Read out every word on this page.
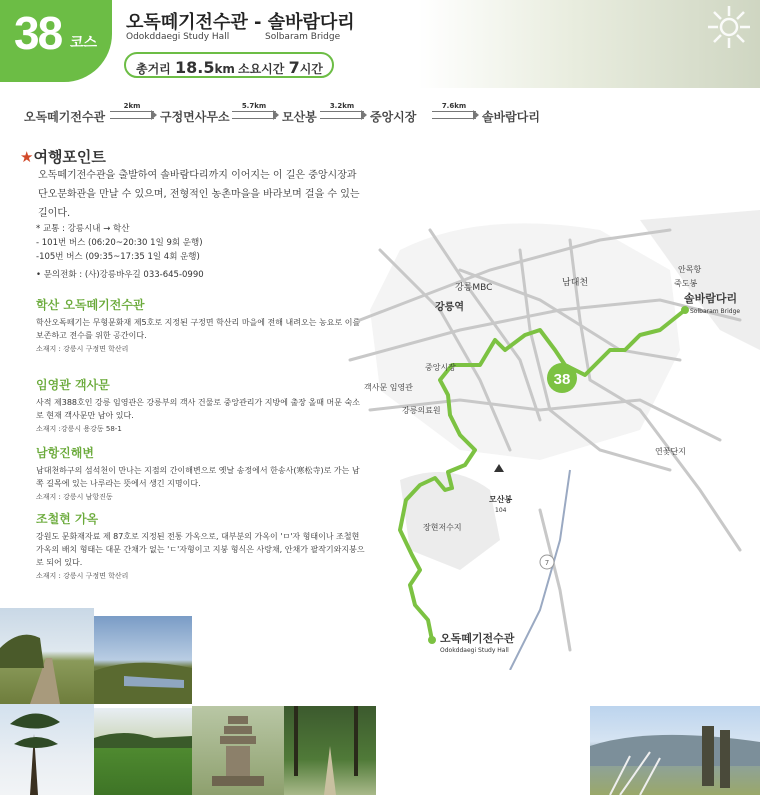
38 코스
오독떼기전수관 - 솔바람다리
Odokddaegi Study Hall	Solbaram Bridge
총거리 18.5km 소요시간 7시간
오독떼기전수관
2km
구정면사무소
5.7km
모산봉
3.2km
중앙시장
7.6km
솔바람다리
★여행포인트
오독떼기전수관을 출발하여 솔바람다리까지 이어지는 이 길은 중앙시장과 단오문화관을 만날 수 있으며, 전형적인 농촌마을을 바라보며 걸을 수 있는 길이다.
* 교통 : 강릉시내 → 학산
- 101번 버스 (06:20~20:30 1일 9회 운행)
-105번 버스 (09:35~17:35 1일 4회 운행)
• 문의전화 : (사)강릉바우길 033-645-0990
학산 오독떼기전수관
학산오독떼기는 무형문화재 제5호로 지정된 구정면 학산리 마을에 전해 내려오는 농요로 이를 보존하고 전수를 위한 공간이다.
소재지 : 강릉시 구정면 학산리
임영관 객사문
사적 제388호인 강릉 임영관은 강릉부의 객사 건물로 중앙관리가 지방에 출장 올때 머문 숙소로 현재 객사문만 남아 있다.
소재지 :강릉시 용강동 58-1
남항진해변
남대천하구의 섬석천이 만나는 지점의 간이해변으로 옛날 송정에서 한송사(寒松寺)로 가는 남쪽 길목에 있는 나루라는 뜻에서 생긴 지명이다.
소재지 : 강릉시 남항진동
조철현 가옥
강원도 문화재자료 제 87호로 지정된 전통 가옥으로, 대부분의 가옥이 'ㅁ'자 형태이나 조철현 가옥의 배치 형태는 대문 간채가 없는 'ㄷ'자형이고 지붕 형식은 사랑채, 안채가 팔작기와지붕으로 되어 있다.
소재지 : 강릉시 구정면 학산리
7
38
강릉역
강릉MBC	남대천
안목항
죽도봉
솔바람다리
Solbaram Bridge
중앙시장
객사문 임영관
강릉의료원
연꽃단지
모산봉
104
장현저수지
오독떼기전수관
Odokddaegi Study Hall
